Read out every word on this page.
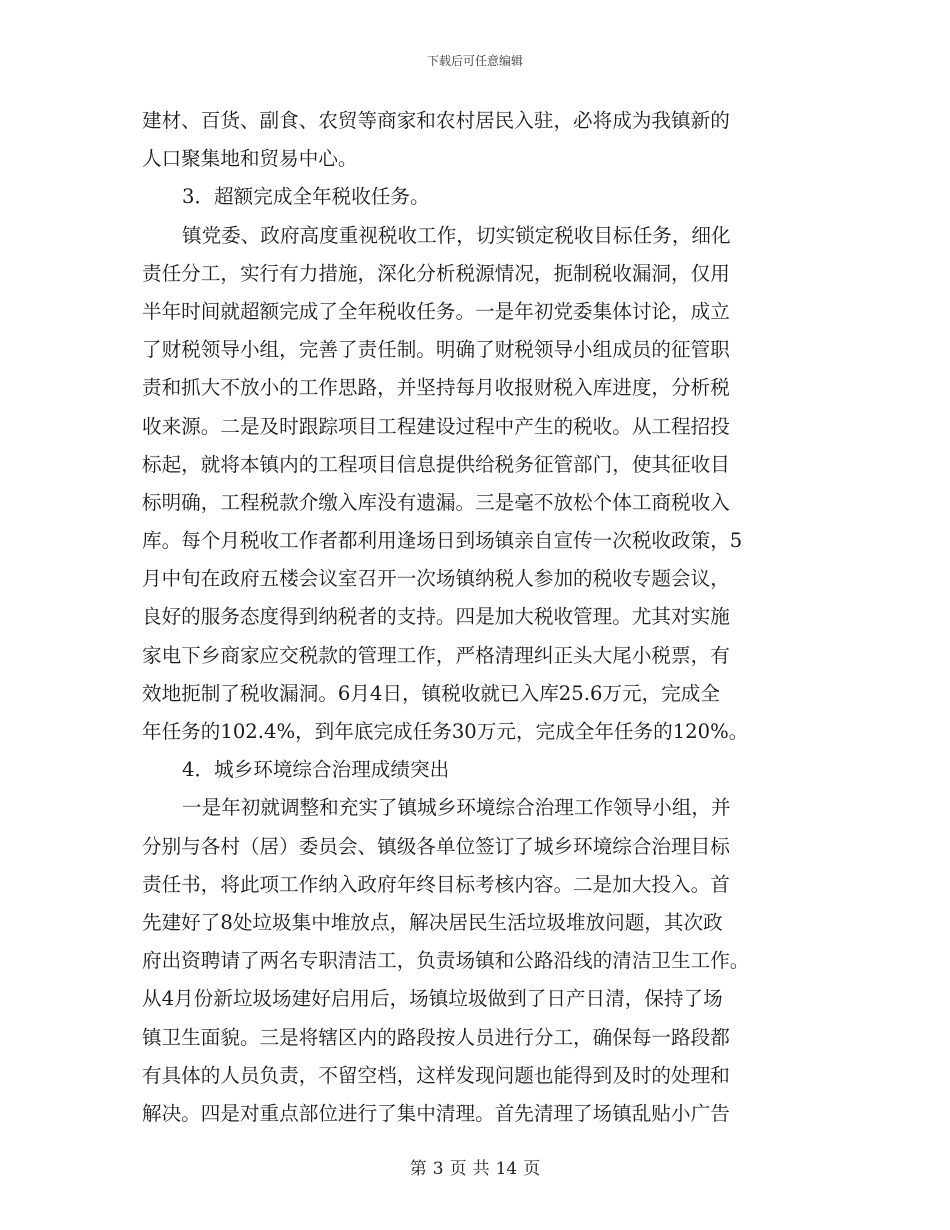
下载后可任意编辑
建材、百货、副食、农贸等商家和农村居民入驻，必将成为我镇新的
人口聚集地和贸易中心。
3．超额完成全年税收任务。
镇党委、政府高度重视税收工作，切实锁定税收目标任务，细化
责任分工，实行有力措施，深化分析税源情况，扼制税收漏洞，仅用
半年时间就超额完成了全年税收任务。一是年初党委集体讨论，成立
了财税领导小组，完善了责任制。明确了财税领导小组成员的征管职
责和抓大不放小的工作思路，并坚持每月收报财税入库进度，分析税
收来源。二是及时跟踪项目工程建设过程中产生的税收。从工程招投
标起，就将本镇内的工程项目信息提供给税务征管部门，使其征收目
标明确，工程税款介缴入库没有遗漏。三是毫不放松个体工商税收入
库。每个月税收工作者都利用逢场日到场镇亲自宣传一次税收政策，5
月中旬在政府五楼会议室召开一次场镇纳税人参加的税收专题会议，
良好的服务态度得到纳税者的支持。四是加大税收管理。尤其对实施
家电下乡商家应交税款的管理工作，严格清理纠正头大尾小税票，有
效地扼制了税收漏洞。6月4日，镇税收就已入库25.6万元，完成全
年任务的102.4%，到年底完成任务30万元，完成全年任务的120%。
4．城乡环境综合治理成绩突出
一是年初就调整和充实了镇城乡环境综合治理工作领导小组，并
分别与各村（居）委员会、镇级各单位签订了城乡环境综合治理目标
责任书，将此项工作纳入政府年终目标考核内容。二是加大投入。首
先建好了8处垃圾集中堆放点，解决居民生活垃圾堆放问题，其次政
府出资聘请了两名专职清洁工，负责场镇和公路沿线的清洁卫生工作。
从4月份新垃圾场建好启用后，场镇垃圾做到了日产日清，保持了场
镇卫生面貌。三是将辖区内的路段按人员进行分工，确保每一路段都
有具体的人员负责，不留空档，这样发现问题也能得到及时的处理和
解决。四是对重点部位进行了集中清理。首先清理了场镇乱贴小广告
第 3 页 共 14 页
